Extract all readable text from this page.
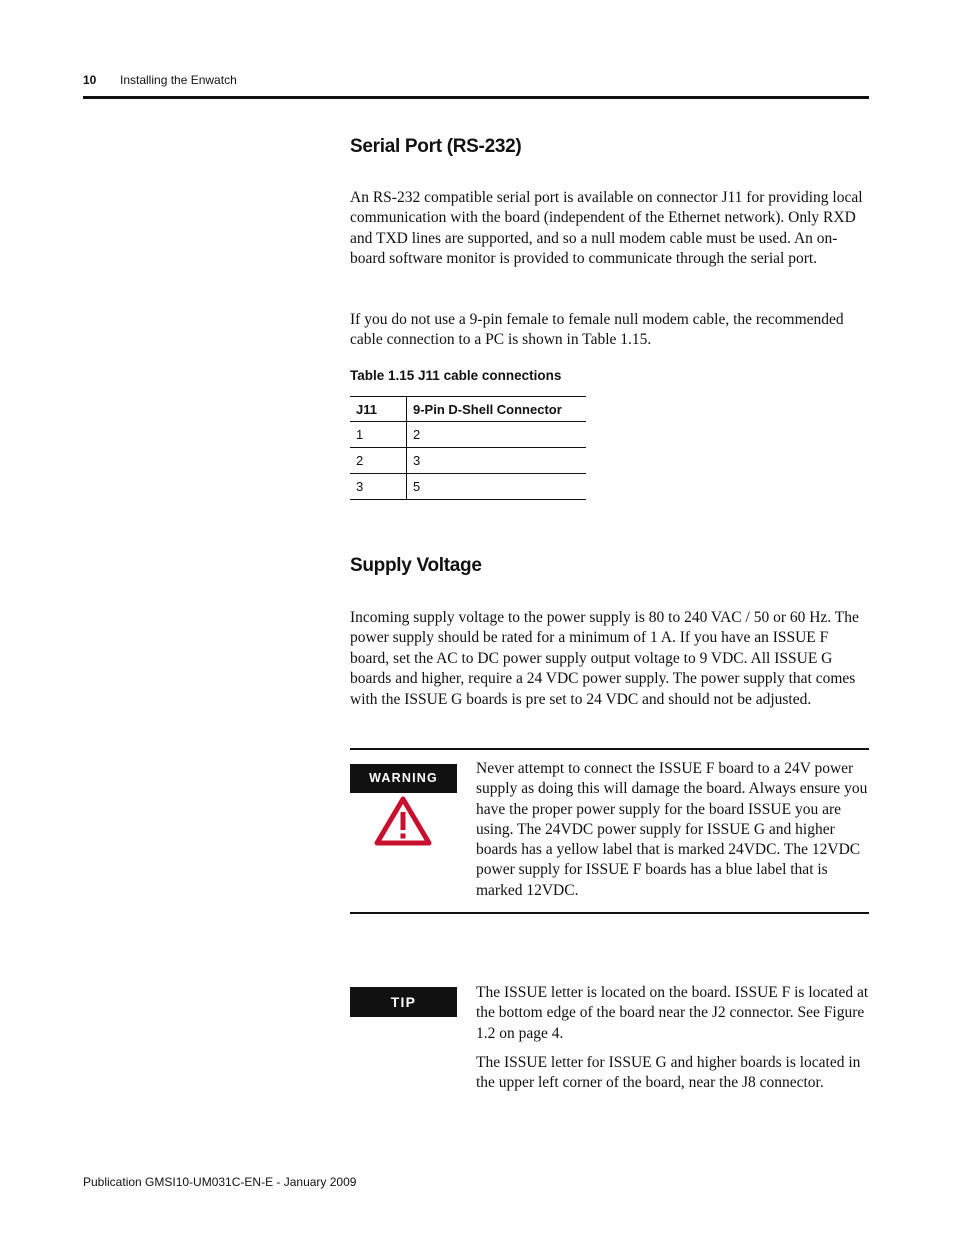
10 Installing the Enwatch
Serial Port (RS-232)

An RS-232 compatible serial port is available on connector J11 for providing local communication with the board (independent of the Ethernet network). Only RXD and TXD lines are supported, and so a null modem cable must be used. An on-board software monitor is provided to communicate through the serial port.

If you do not use a 9-pin female to female null modem cable, the recommended cable connection to a PC is shown in Table 1.15.

Table 1.15 J11 cable connections
J11	9-Pin D-Shell Connector
1	2
2	3
3	5
Supply Voltage

Incoming supply voltage to the power supply is 80 to 240 VAC / 50 or 60 Hz. The power supply should be rated for a minimum of 1 A. If you have an ISSUE F board, set the AC to DC power supply output voltage to 9 VDC. All ISSUE G boards and higher, require a 24 VDC power supply. The power supply that comes with the ISSUE G boards is pre set to 24 VDC and should not be adjusted.

WARNING

Never attempt to connect the ISSUE F board to a 24V power supply as doing this will damage the board. Always ensure you have the proper power supply for the board ISSUE you are using. The 24VDC power supply for ISSUE G and higher boards has a yellow label that is marked 24VDC. The 12VDC power supply for ISSUE F boards has a blue label that is marked 12VDC.

TIP

The ISSUE letter is located on the board. ISSUE F is located at the bottom edge of the board near the J2 connector. See Figure 1.2 on page 4.

The ISSUE letter for ISSUE G and higher boards is located in the upper left corner of the board, near the J8 connector.

Publication GMSI10-UM031C-EN-E - January 2009
